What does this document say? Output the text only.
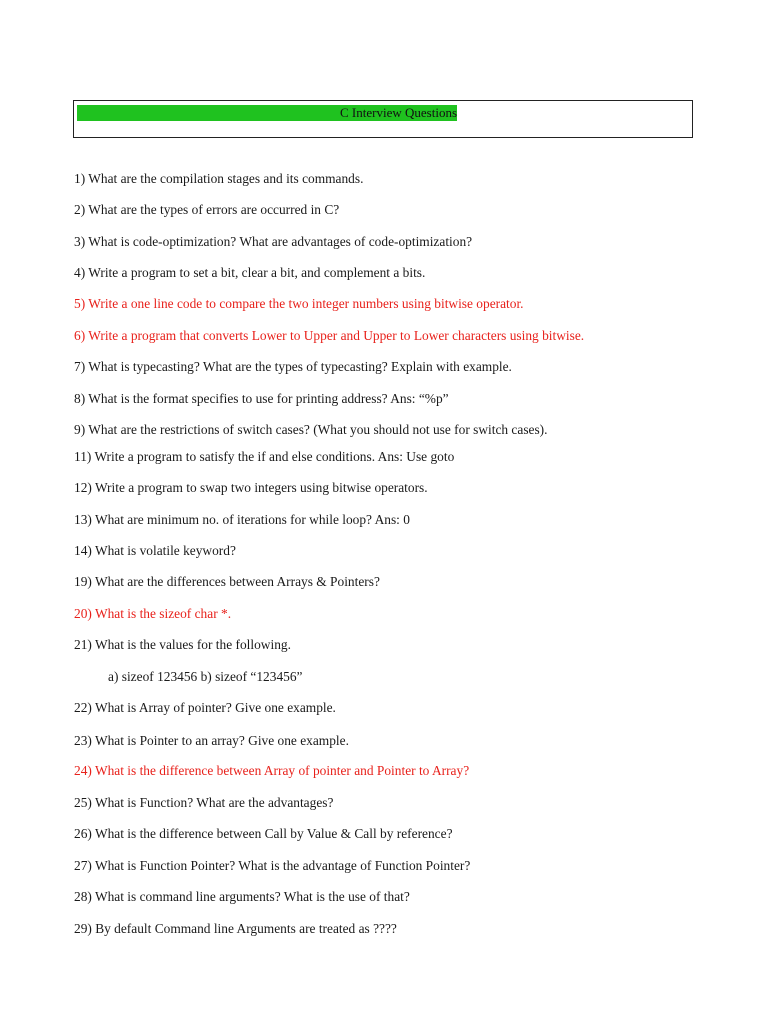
C Interview Questions
1) What are the compilation stages and its commands.
2) What are the types of errors are occurred in C?
3) What is code-optimization? What are advantages of code-optimization?
4) Write a program to set a bit, clear a bit, and complement a bits.
5) Write a one line code to compare the two integer numbers using bitwise operator.
6) Write a program that converts Lower to Upper and Upper to Lower characters using bitwise.
7) What is typecasting? What are the types of typecasting? Explain with example.
8) What is the format specifies to use for printing address? Ans: “%p”
9) What are the restrictions of switch cases? (What you should not use for switch cases).
11) Write a program to satisfy the if and else conditions. Ans: Use goto
12) Write a program to swap two integers using bitwise operators.
13) What are minimum no. of iterations for while loop? Ans: 0
14) What is volatile keyword?
19) What are the differences between Arrays & Pointers?
20) What is the sizeof char *.
21) What is the values for the following.
a) sizeof 123456 b) sizeof “123456”
22) What is Array of pointer? Give one example.
23) What is Pointer to an array? Give one example.
24) What is the difference between Array of pointer and Pointer to Array?
25) What is Function? What are the advantages?
26) What is the difference between Call by Value & Call by reference?
27) What is Function Pointer? What is the advantage of Function Pointer?
28) What is command line arguments? What is the use of that?
29) By default Command line Arguments are treated as ????
